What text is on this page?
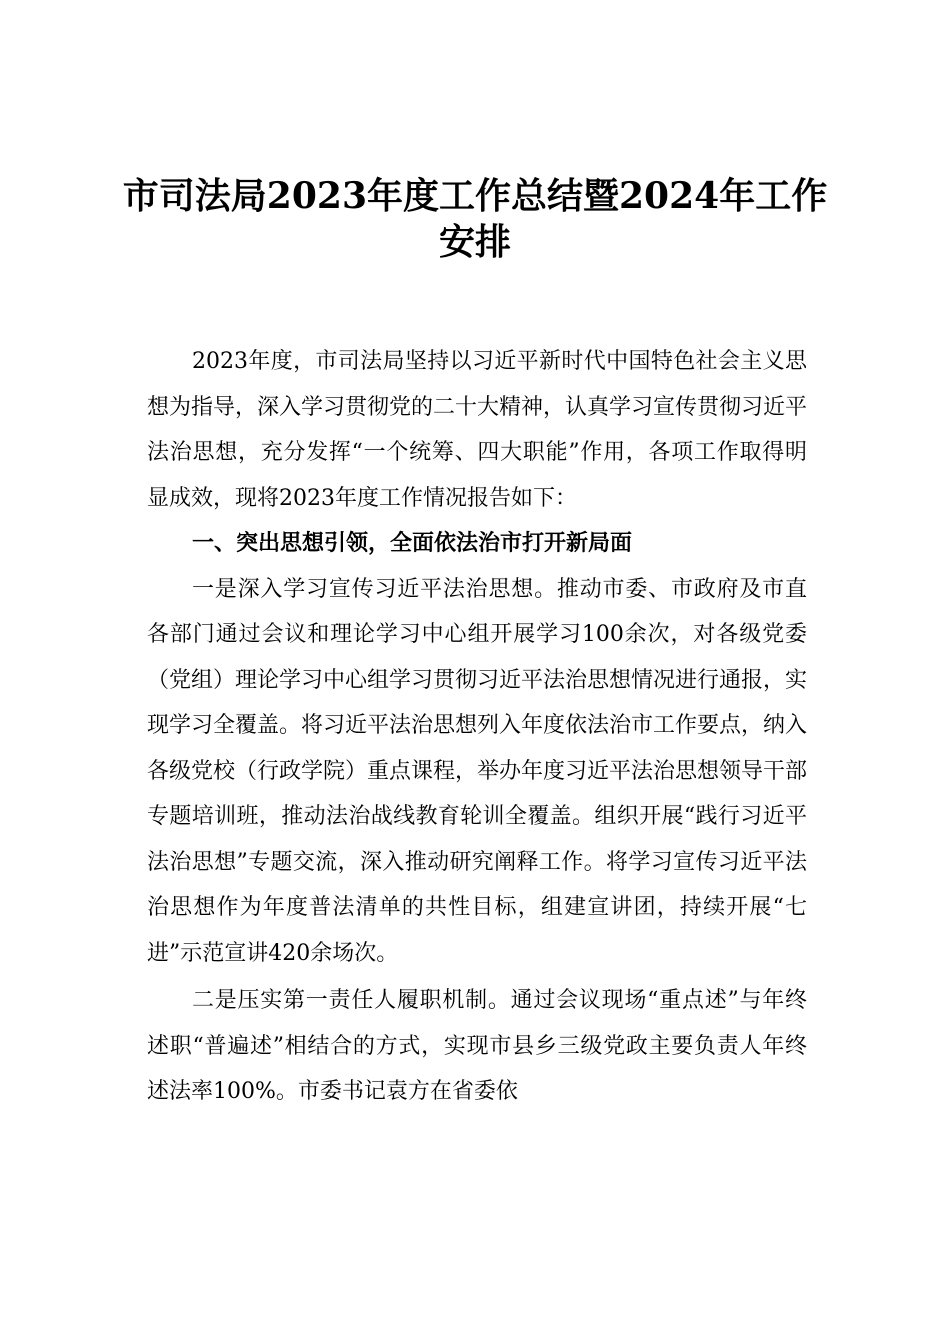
市司法局2023年度工作总结暨2024年工作
安排

2023年度，市司法局坚持以习近平新时代中国特色社会主义思想为指导，深入学习贯彻党的二十大精神，认真学习宣传贯彻习近平法治思想，充分发挥“一个统筹、四大职能”作用，各项工作取得明显成效，现将2023年度工作情况报告如下：

一、突出思想引领，全面依法治市打开新局面

一是深入学习宣传习近平法治思想。推动市委、市政府及市直各部门通过会议和理论学习中心组开展学习100余次，对各级党委（党组）理论学习中心组学习贯彻习近平法治思想情况进行通报，实现学习全覆盖。将习近平法治思想列入年度依法治市工作要点，纳入各级党校（行政学院）重点课程，举办年度习近平法治思想领导干部专题培训班，推动法治战线教育轮训全覆盖。组织开展“践行习近平法治思想”专题交流，深入推动研究阐释工作。将学习宣传习近平法治思想作为年度普法清单的共性目标，组建宣讲团，持续开展“七进”示范宣讲420余场次。

二是压实第一责任人履职机制。通过会议现场“重点述”与年终述职“普遍述”相结合的方式，实现市县乡三级党政主要负责人年终述法率100%。市委书记袁方在省委依
